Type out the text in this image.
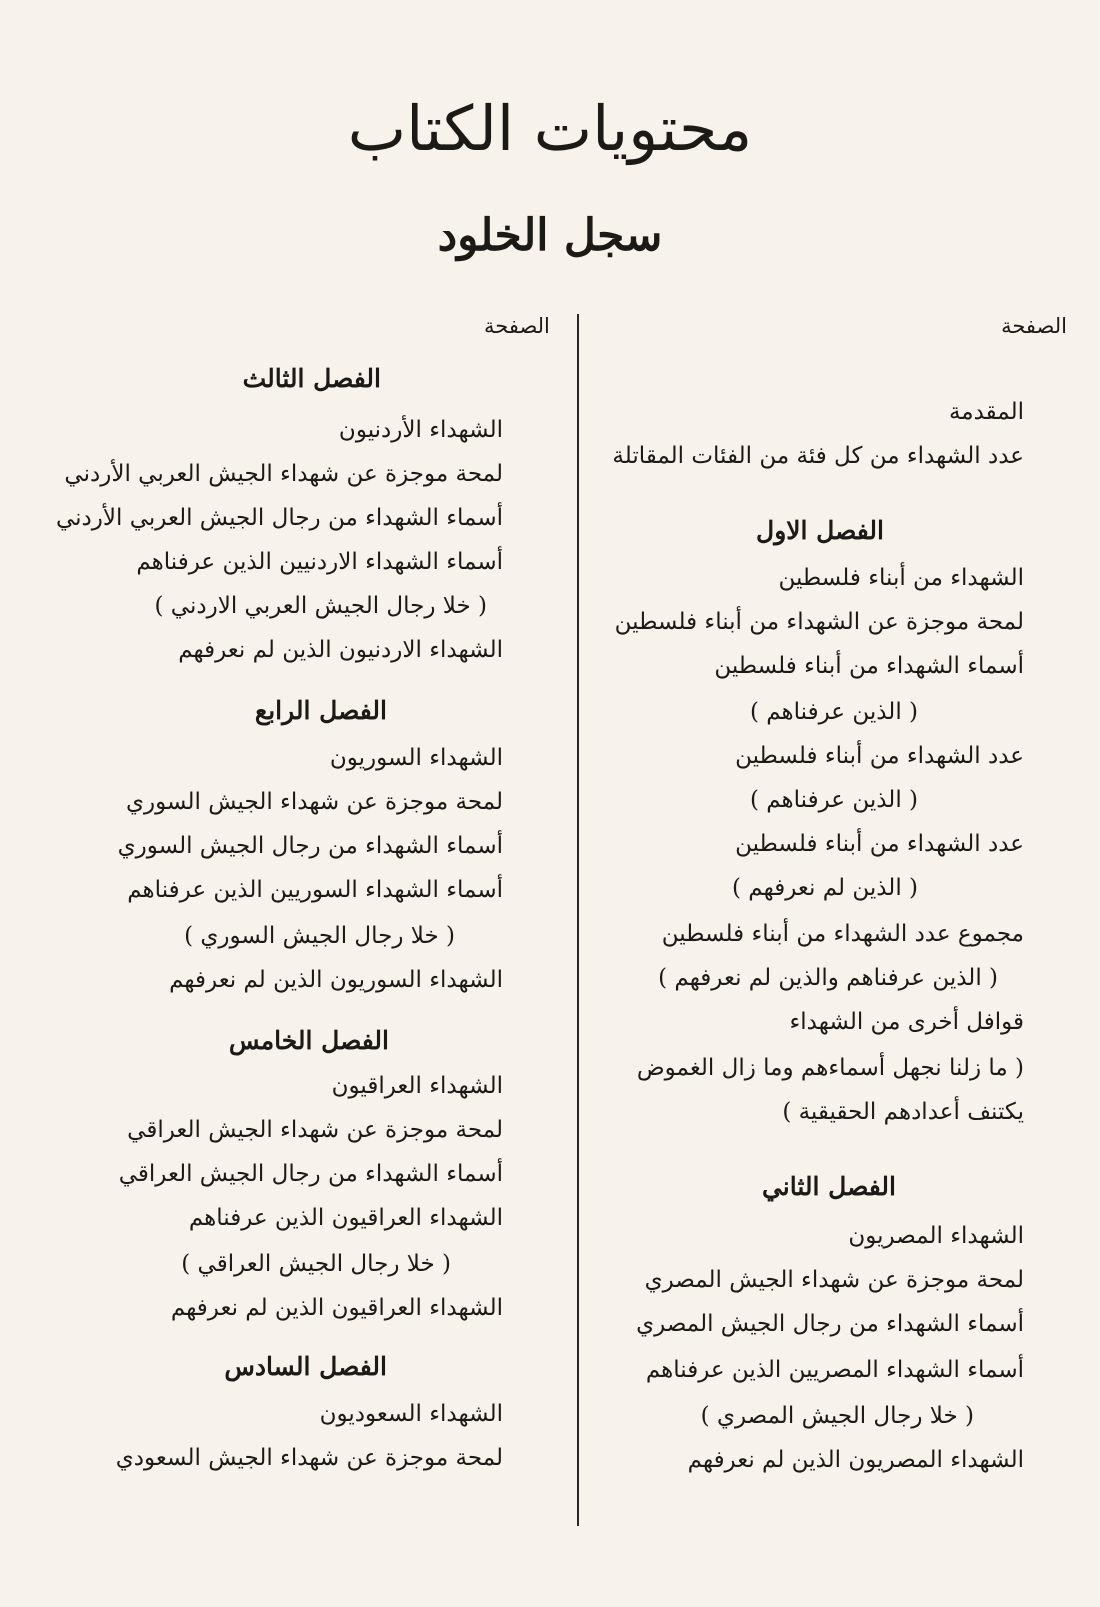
محتويات الكتاب
سجل الخلود
الصفحة
الصفحة
المقدمة
عدد الشهداء من كل فئة من الفئات المقاتلة
الفصل الاول
الشهداء من أبناء فلسطين
لمحة موجزة عن الشهداء من أبناء فلسطين
أسماء الشهداء من أبناء فلسطين
( الذين عرفناهم )
عدد الشهداء من أبناء فلسطين
( الذين عرفناهم )
عدد الشهداء من أبناء فلسطين
( الذين لم نعرفهم )
مجموع عدد الشهداء من أبناء فلسطين
( الذين عرفناهم والذين لم نعرفهم )
قوافل أخرى من الشهداء
( ما زلنا نجهل أسماءهم وما زال الغموض
يكتنف أعدادهم الحقيقية )
الفصل الثاني
الشهداء المصريون
لمحة موجزة عن شهداء الجيش المصري
أسماء الشهداء من رجال الجيش المصري
أسماء الشهداء المصريين الذين عرفناهم
( خلا رجال الجيش المصري )
الشهداء المصريون الذين لم نعرفهم
الفصل الثالث
الشهداء الأردنيون
لمحة موجزة عن شهداء الجيش العربي الأردني
أسماء الشهداء من رجال الجيش العربي الأردني
أسماء الشهداء الاردنيين الذين عرفناهم
( خلا رجال الجيش العربي الاردني )
الشهداء الاردنيون الذين لم نعرفهم
الفصل الرابع
الشهداء السوريون
لمحة موجزة عن شهداء الجيش السوري
أسماء الشهداء من رجال الجيش السوري
أسماء الشهداء السوريين الذين عرفناهم
( خلا رجال الجيش السوري )
الشهداء السوريون الذين لم نعرفهم
الفصل الخامس
الشهداء العراقيون
لمحة موجزة عن شهداء الجيش العراقي
أسماء الشهداء من رجال الجيش العراقي
الشهداء العراقيون الذين عرفناهم
( خلا رجال الجيش العراقي )
الشهداء العراقيون الذين لم نعرفهم
الفصل السادس
الشهداء السعوديون
لمحة موجزة عن شهداء الجيش السعودي
